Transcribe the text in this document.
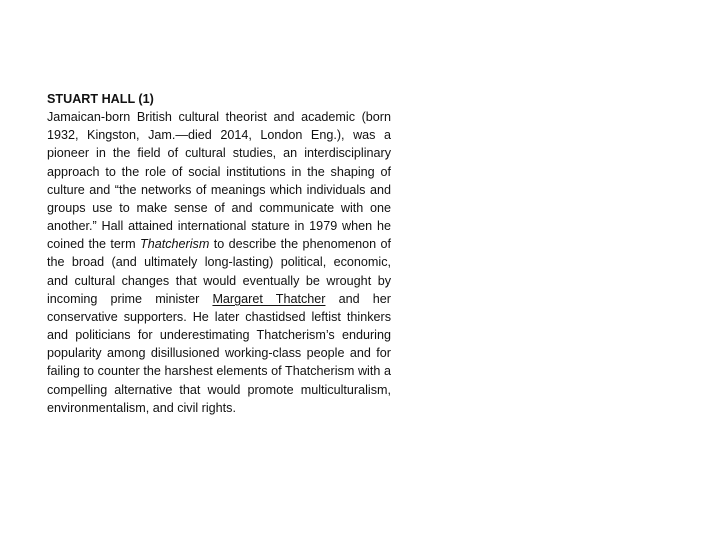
STUART HALL (1)
Jamaican-born British cultural theorist and academic (born 1932, Kingston, Jam.—died 2014, London Eng.), was a pioneer in the field of cultural studies, an interdisciplinary approach to the role of social institutions in the shaping of culture and “the networks of meanings which individuals and groups use to make sense of and communicate with one another.” Hall attained international stature in 1979 when he coined the term Thatcherism to describe the phenomenon of the broad (and ultimately long-lasting) political, economic, and cultural changes that would eventually be wrought by incoming prime minister Margaret Thatcher and her conservative supporters. He later chastidsed leftist thinkers and politicians for underestimating Thatcherism’s enduring popularity among disillusioned working-class people and for failing to counter the harshest elements of Thatcherism with a compelling alternative that would promote multiculturalism, environmentalism, and civil rights.
